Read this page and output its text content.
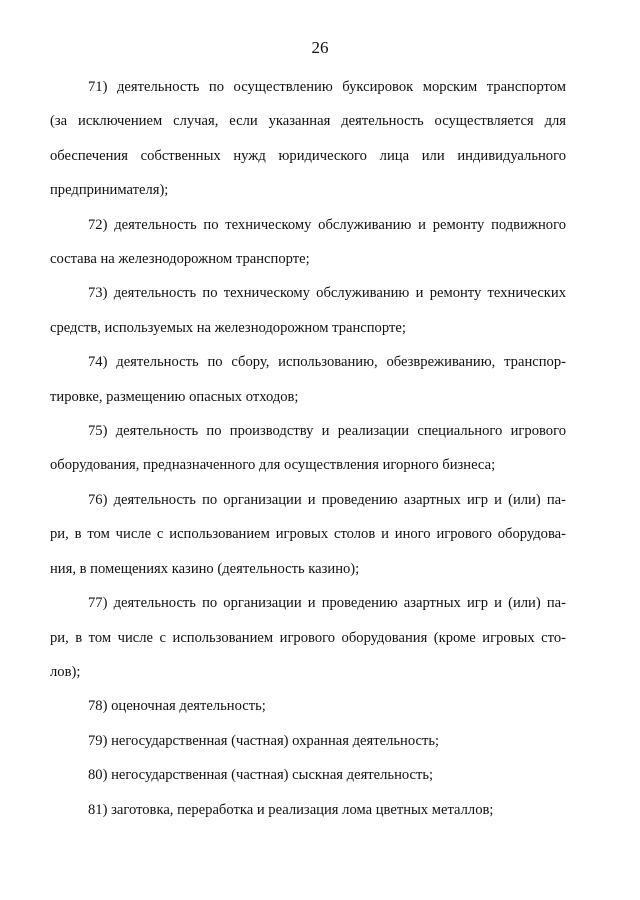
26
71) деятельность по осуществлению буксировок морским транспортом
(за исключением случая, если указанная деятельность осуществляется для
обеспечения собственных нужд юридического лица или индивидуального
предпринимателя);
72) деятельность по техническому обслуживанию и ремонту подвижного
состава на железнодорожном транспорте;
73) деятельность по техническому обслуживанию и ремонту технических
средств, используемых на железнодорожном транспорте;
74) деятельность по сбору, использованию, обезвреживанию, транспор-
тировке, размещению опасных отходов;
75) деятельность по производству и реализации специального игрового
оборудования, предназначенного для осуществления игорного бизнеса;
76) деятельность по организации и проведению азартных игр и (или) па-
ри, в том числе с использованием игровых столов и иного игрового оборудова-
ния, в помещениях казино (деятельность казино);
77) деятельность по организации и проведению азартных игр и (или) па-
ри, в том числе с использованием игрового оборудования (кроме игровых сто-
лов);
78) оценочная деятельность;
79) негосударственная (частная) охранная деятельность;
80) негосударственная (частная) сыскная деятельность;
81) заготовка, переработка и реализация лома цветных металлов;
